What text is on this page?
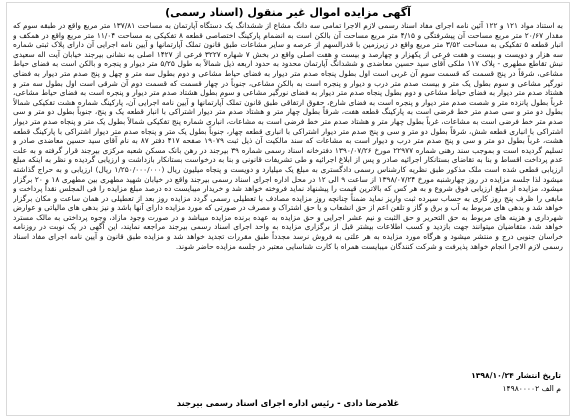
آگهی مزایده اموال غیر منقول (اسناد رسمی)
به استناد مواد ۱۲۱ و ۱۲۲ آئین نامه اجرای مفاد اسناد رسمی لازم الاجرا تمامی سه دانگ مشاع از ششدانگ یک دستگاه آپارتمان به مساحت ۱۳۷/۸۱ متر مربع واقع در طبقه سوم که مقدار ۲۰/۶۷ متر مربع مساحت آن پیشرفتگی و ۴/۱۵ متر مربع مساحت آن بالکن است به انضمام پارکینگ اختصاصی قطعه ۸ تفکیکی به مساحت ۱۱/۰۴ متر مربع واقع در همکف و انبار قطعه ۵ تفکیکی به مساحت ۳/۵۲ متر مربع واقع در زیرزمین با قدرالسهم از عرصه و سایر مشاعات طبق قانون تملک آپارتمانها و آیین نامه اجرایی آن دارای پلاک ثبتی شماره سه هزار و دویست و بیست و هفت فرعی از یکهزار و چهارصد و بیست و هفت اصلی واقع در بخش ۷ شهاره ۳۲۲۷ فرعی از ۱۴۲۷ اصلی به نشانی بیرجند خیابان آیت اله سعیدی نبش تقاطع مطهری - پلاک ۱۱۷ ملکی آقای سید حسین معاضدی و ششدانگ آپارتمان محدود به حدود اربعه ذیل شمالاً به طول ۵/۲۵ متر دیوار و پنجره و بالکن است به فضای حیاط مشاعی، شرقاً در پنج قسمت که قسمت سوم آن غربی است اول بطول پنجاه صدم متر دیوار به فضای حیاط مشاعی و دوم بطول سه متر و چهل و پنج صدم متر دیوار به فضای نورگیر مشاعی و سوم بطول یک متر و بیست صدم متر درب و دیوار و پنجره است به بالکن مشاعی، جنوباً در چهار قسمت که قسمت دوم آن شرقی است اول بطول سه متر و هشتاد صدم متر دیوار به فضای حیاط مشاعی و دوم بطول پنجاه صدم متر دیوار به فضای نورگیر مشاعی و سوم بطول هشتاد صدم متر دیوار و پنجره است به فضای حیاط مشاعی، غرباً بطول پانزده متر و شصت صدم متر دیوار و پنجره است به فضای شارع، حقوق ارتفاقی طبق قانون تملک آپارتمانها و آیین نامه اجرایی آن، پارکینگ شماره هشت تفکیکی شمالاً بطول دو متر و سی صدم متر خط فرضی است به پارکینگ قطعه هفت، شرقاً بطول چهار متر و هشتاد صدم متر دیوار اشتراکی با انبار قطعه یک و پنج، جنوباً بطول دو متر و سی صدم متر خط فرضی است به مشاعات، غرباً بطول چهار متر و هشتاد صدم متر خط فرضی است به مشاعات، انباری شماره پنج تفکیکی شمالاً بطول یک متر و پنجاه صدم متر دیوار اشتراکی با انباری قطعه شش، شرقاً بطول دو متر و سی و پنج صدم متر دیوار اشتراکی با انباری قطعه چهار، جنوباً بطول یک متر و پنجاه صدم متر دیوار اشتراکی با پارکینگ قطعه هشت، غرباً بطول دو متر و سی و پنج صدم متر درب و دیوار است به مشاعات که سند مالکیت آن ذیل ثبت ۱۹۰۷۹ صفحه ۴۱۷ دفتر ۸۷ به نام آقای سید حسین معاضدی صادر و تسلیم گردیده است و بموجب سند رهنی شماره ۲۲۹۷۷ مورخ ۱۳۹۰/۰۷/۲۶ دفترخانه اسناد رسمی شماره ۳۹ بیرجند در رهن بانک مسکن شعبه مرکزی بیرجند قرار گرفته و به علت عدم پرداخت اقساط و بنا به تقاضای بستانکار اجرائیه صادر و پس از ابلاغ اجرائیه و طی تشریفات قانونی و بنا به درخواست بستانکار بازداشت و ارزیابی گردیده و نظر به اینکه مبلغ ارزیابی قطعی شده است ملک مذکور طبق نظریه کارشناس رسمی دادگستری به مبلغ یک میلیارد و دویست و پنجاه میلیون ریال (۱/۲۵۰/۰۰۰/۰۰۰ ریال) ارزیابی و به حراج گذاشته میشود لذا جلسه مزایده در روز چهارشنبه مورخ ۱۳۹۸/۰۷/۲۴ از ساعت ۹ الی ۱۲ در محل اداره اجرای اسناد رسمی بیرجند واقع در خیابان شهید مطهری بین مطهری ۱۸ و ۲۰ برگزار میشود، مزایده از مبلغ ارزیابی فوق شروع و به هر کس که بالاترین قیمت را پیشنهاد نماید فروخته خواهد شد و خریدار میبایست ده درصد مبلغ مزایده را فی المجلس نقداً پرداخت و مابقی را ظرف پنج روز کاری به حساب سپرده ثبت واریز نماید ضمناً چنانچه روز مزایده مصادف با تعطیلی رسمی گردد مزایده روز بعد از تعطیلی در همان ساعت و مکان برگزار خواهد شد و بدهی های مربوط به آب و برق و گاز و تلفن اعم از حق انشعاب و یا حق اشتراک و مصرف در صورتی که مورد مزایده دارای آنها باشد و نیز بدهی های مالیاتی و عوارض شهرداری و هزینه های مربوط به حق التحریر و حق الثبت و نیم عشر اجرایی و حق مزایده به عهده برنده مزایده میباشد و در صورت وجود مازاد، وجوه پرداختی به مالک مسترد خواهد شد، متقاضیان میتوانند جهت بازدید و کسب اطلاعات بیشتر قبل از برگزاری مزایده به واحد اجرای اسناد رسمی بیرجند مراجعه نمایند، این آگهی در یک نوبت در روزنامه خراسان جنوبی درج و منتشر میشود و هرگاه مورد مزایده به هر علتی به فروش نرسد مجدداً طبق مقررات تجدید خواهد شد و مزایده طبق قانون و آیین نامه اجرای مفاد اسناد رسمی لازم الاجرا انجام خواهد پذیرفت و شرکت کنندگان میبایست همراه با کارت شناسایی معتبر در جلسه مزایده حاضر شوند.
تاریخ انتشار ۱۳۹۸/۱۰/۲۴
م الف ۱۴۹۸۰۰۰۰۲
غلامرضا دادی - رئیس اداره اجرای اسناد رسمی بیرجند
